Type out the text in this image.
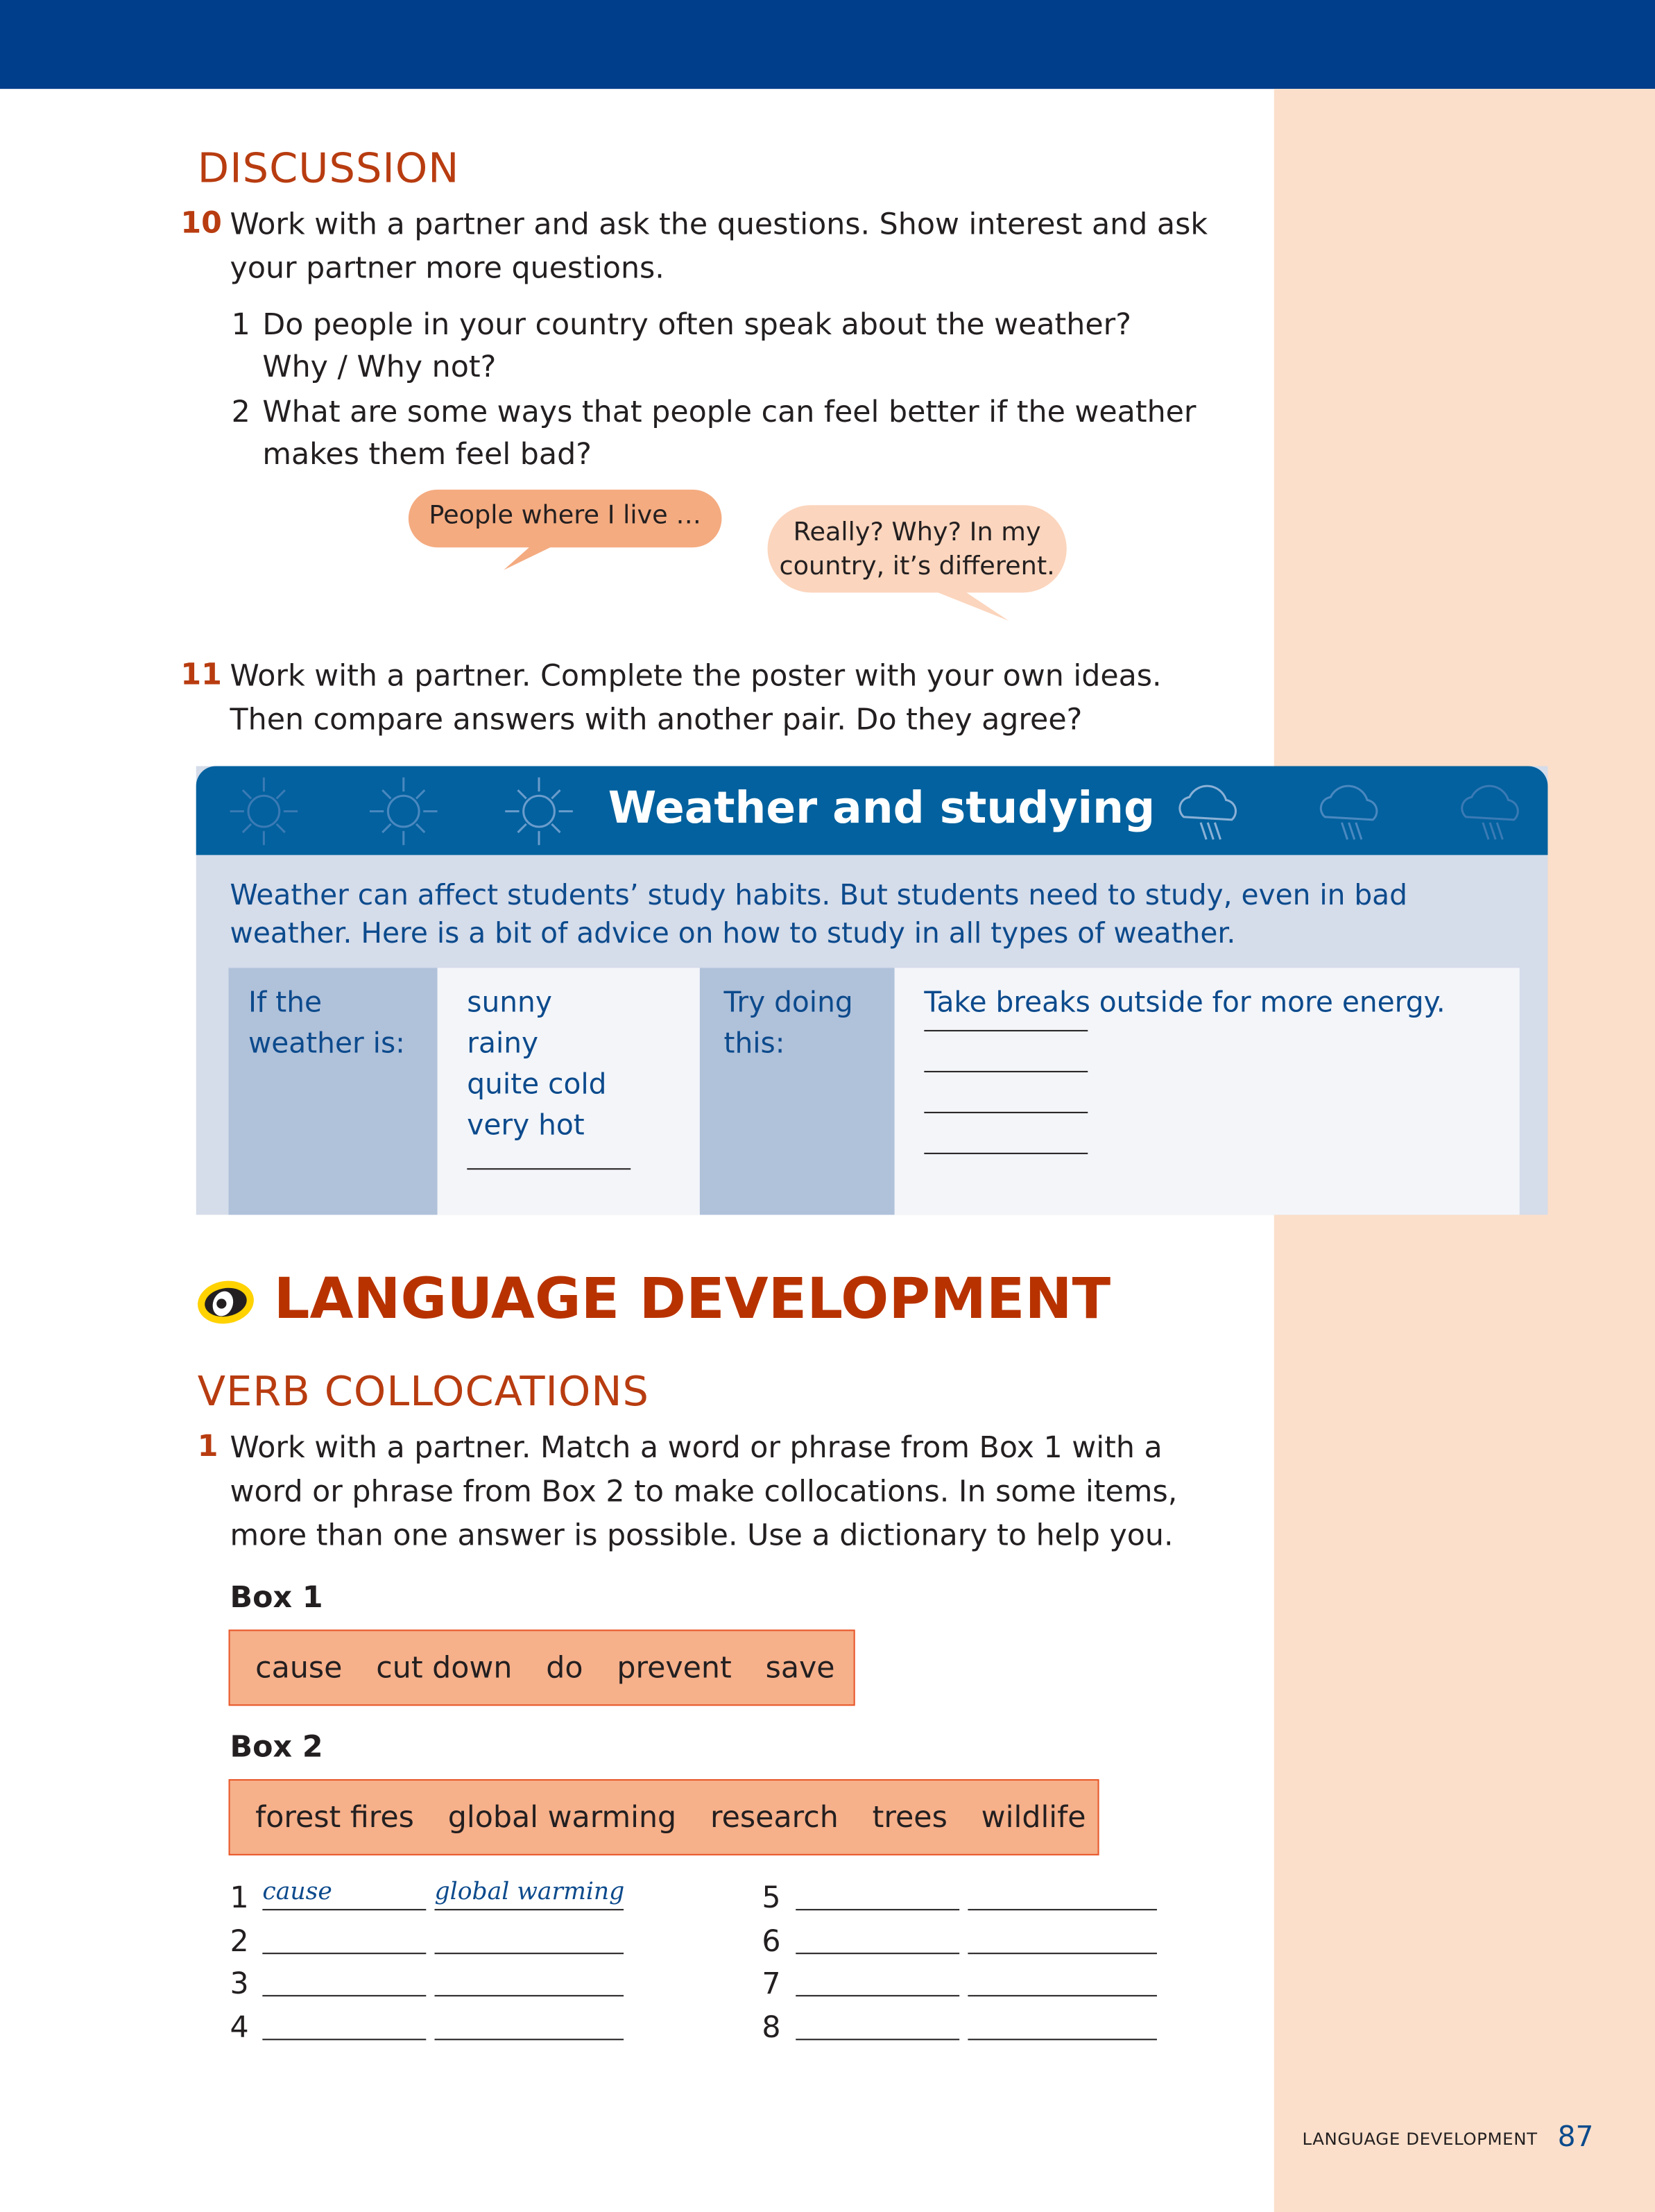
DISCUSSION
10 Work with a partner and ask the questions. Show interest and ask
your partner more questions.
1 Do people in your country often speak about the weather?
Why / Why not?
2 What are some ways that people can feel better if the weather
makes them feel bad?
People where I live …
Really? Why? In my
country, it’s different.
11 Work with a partner. Complete the poster with your own ideas.
Then compare answers with another pair. Do they agree?
Weather and studying
Weather can affect students’ study habits. But students need to study, even in bad
weather. Here is a bit of advice on how to study in all types of weather.
If the
weather is:
sunny
rainy
quite cold
very hot
Try doing
this:
Take breaks outside for more energy.
LANGUAGE DEVELOPMENT
VERB COLLOCATIONS
1 Work with a partner. Match a word or phrase from Box 1 with a
word or phrase from Box 2 to make collocations. In some items,
more than one answer is possible. Use a dictionary to help you.
Box 1
cause cut down do prevent save
Box 2
forest fires global warming research trees wildlife
1 cause	global warming
2
3
4
5
6
7
8
LANGUAGE DEVELOPMENT 87
